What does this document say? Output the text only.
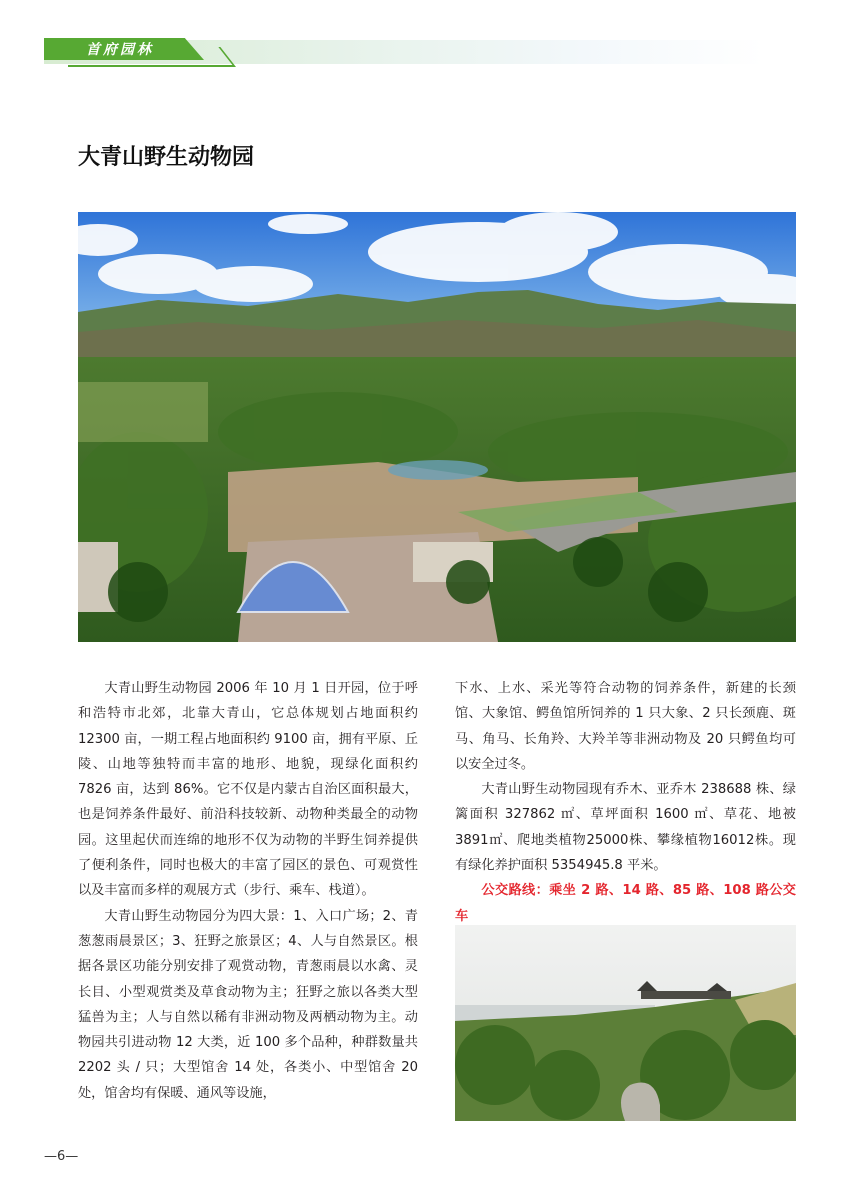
首府园林
大青山野生动物园

大青山野生动物园 2006 年 10 月 1 日开园，位于呼和浩特市北郊，北靠大青山，它总体规划占地面积约 12300 亩，一期工程占地面积约 9100 亩，拥有平原、丘陵、山地等独特而丰富的地形、地貌，现绿化面积约 7826 亩，达到 86%。它不仅是内蒙古自治区面积最大，也是饲养条件最好、前沿科技较新、动物种类最全的动物园。这里起伏而连绵的地形不仅为动物的半野生饲养提供了便利条件，同时也极大的丰富了园区的景色、可观赏性以及丰富而多样的观展方式（步行、乘车、栈道）。

大青山野生动物园分为四大景：1、入口广场；2、青葱葱雨晨景区；3、狂野之旅景区；4、人与自然景区。根据各景区功能分别安排了观赏动物，青葱雨晨以水禽、灵长目、小型观赏类及草食动物为主；狂野之旅以各类大型猛兽为主；人与自然以稀有非洲动物及两栖动物为主。动物园共引进动物 12 大类，近 100 多个品种，种群数量共 2202 头 / 只；大型馆舍 14 处，各类小、中型馆舍 20 处，馆舍均有保暖、通风等设施，

下水、上水、采光等符合动物的饲养条件，新建的长颈馆、大象馆、鳄鱼馆所饲养的 1 只大象、2 只长颈鹿、斑马、角马、长角羚、大羚羊等非洲动物及 20 只鳄鱼均可以安全过冬。

大青山野生动物园现有乔木、亚乔木 238688 株、绿篱面积 327862 ㎡、草坪面积 1600 ㎡、草花、地被3891㎡、爬地类植物25000株、攀缘植物16012株。现有绿化养护面积 5354945.8 平米。

公交路线：乘坐 2 路、14 路、85 路、108 路公交车

—6—
